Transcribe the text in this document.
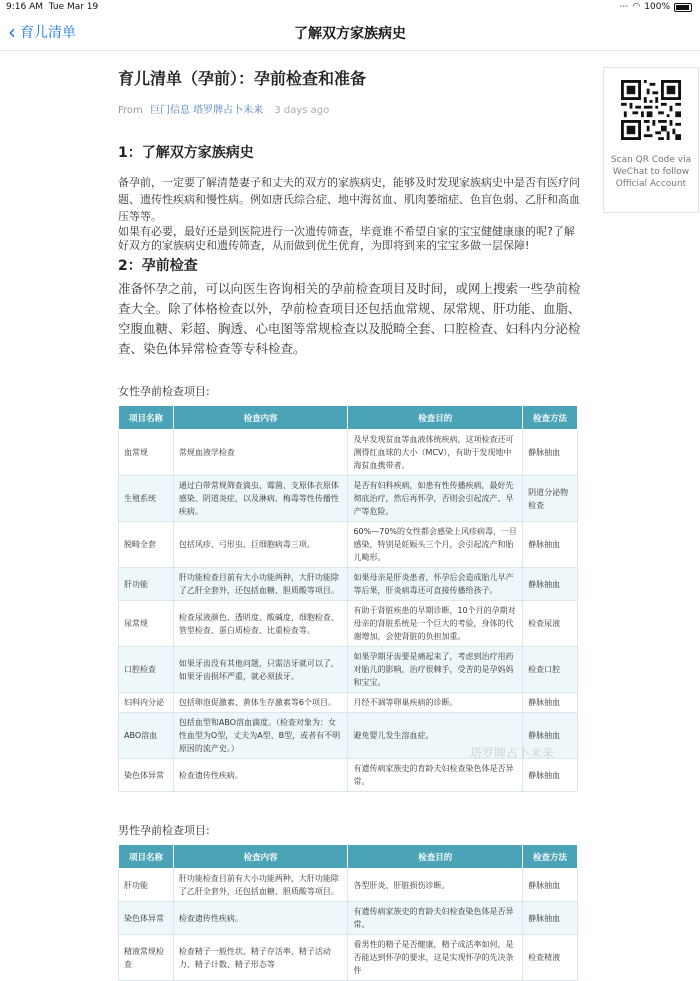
9:16 AM Tue Mar 19	⋯ ◠ 100%
‹ 育儿清单	了解双方家族病史
育儿清单（孕前）：孕前检查和准备
From 巨门信息 塔罗牌占卜未来 3 days ago
1：了解双方家族病史

备孕前，一定要了解清楚妻子和丈夫的双方的家族病史，能够及时发现家族病史中是否有医疗问题、遗传性疾病和慢性病。例如唐氏综合症、地中海贫血、肌肉萎缩症、色盲色弱、乙肝和高血压等等。

如果有必要，最好还是到医院进行一次遗传筛查，毕竟谁不希望自家的宝宝健健康康的呢?了解好双方的家族病史和遗传筛查，从而做到优生优育，为即将到来的宝宝多做一层保障!

2：孕前检查

准备怀孕之前，可以向医生咨询相关的孕前检查项目及时间，或网上搜索一些孕前检查大全。除了体格检查以外，孕前检查项目还包括血常规、尿常规、肝功能、血脂、空腹血糖、彩超、胸透、心电图等常规检查以及脱畸全套、口腔检查、妇科内分泌检查、染色体异常检查等专科检查。

女性孕前检查项目:
项目名称	检查内容	检查目的	检查方法
血常规	常规血液学检查	及早发现贫血等血液体统疾病，这项检查还可测得红血球的大小（MCV），有助于发现地中海贫血携带者。	静脉抽血
生殖系统	通过白带常规筛查滴虫、霉菌、支原体衣原体感染、阴道炎症，以及淋病、梅毒等性传播性疾病。	是否有妇科疾病，如患有性传播疾病，最好先彻底治疗，然后再怀孕，否则会引起流产、早产等危险。	阴道分泌物检查
脱畸全套	包括风疹、弓形虫、巨细胞病毒三项。	60%—70%的女性都会感染上风疹病毒，一旦感染，特别是妊娠头三个月，会引起流产和胎儿畸形。	静脉抽血
肝功能	肝功能检查目前有大小功能两种，大肝功能除了乙肝全套外，还包括血糖、胆质酸等项目。	如果母亲是肝炎患者，怀孕后会造成胎儿早产等后果，肝炎病毒还可直接传播给孩子。	静脉抽血
尿常规	检查尿液颜色、透明度、酸碱度，细胞检查、管型检查、蛋白质检查、比重检查等。	有助于肾脏疾患的早期诊断，10个月的孕期对母亲的肾脏系统是一个巨大的考验，身体的代谢增加，会使肾脏的负担加重。	检查尿液
口腔检查	如果牙齿没有其他问题，只需洁牙就可以了，如果牙齿损坏严重，就必须拔牙。	如果孕期牙齿要是痛起来了，考虑到治疗用药对胎儿的影响，治疗很棘手，受苦的是孕妈妈和宝宝。	检查口腔
妇科内分泌	包括卵泡促激素、黄体生存激素等6个项目。	月经不调等卵巢疾病的诊断。	静脉抽血
ABO溶血	包括血型和ABO溶血滴度。（检查对象为：女性血型为O型，丈夫为A型、B型，或者有不明原因的流产史。）	避免婴儿发生溶血症。	静脉抽血
染色体异常	检查遗传性疾病。	有遗传病家族史的育龄夫妇检查染色体是否异常。	静脉抽血
男性孕前检查项目:
项目名称	检查内容	检查目的	检查方法
肝功能	肝功能检查目前有大小功能两种，大肝功能除了乙肝全套外，还包括血糖、胆质酸等项目。	各型肝炎，肝脏损伤诊断。	静脉抽血
染色体异常	检查遗传性疾病。	有遗传病家族史的育龄夫妇检查染色体是否异常。	静脉抽血
精液常规检查	检查精子一般性状、精子存活率、精子活动力、精子计数、精子形态等	看男性的精子是否健康，精子成活率如何，是否能达到怀孕的要求，这是实现怀孕的先决条件	检查精液
塔罗牌占卜未来
Scan QR Code via WeChat to follow Official Account
